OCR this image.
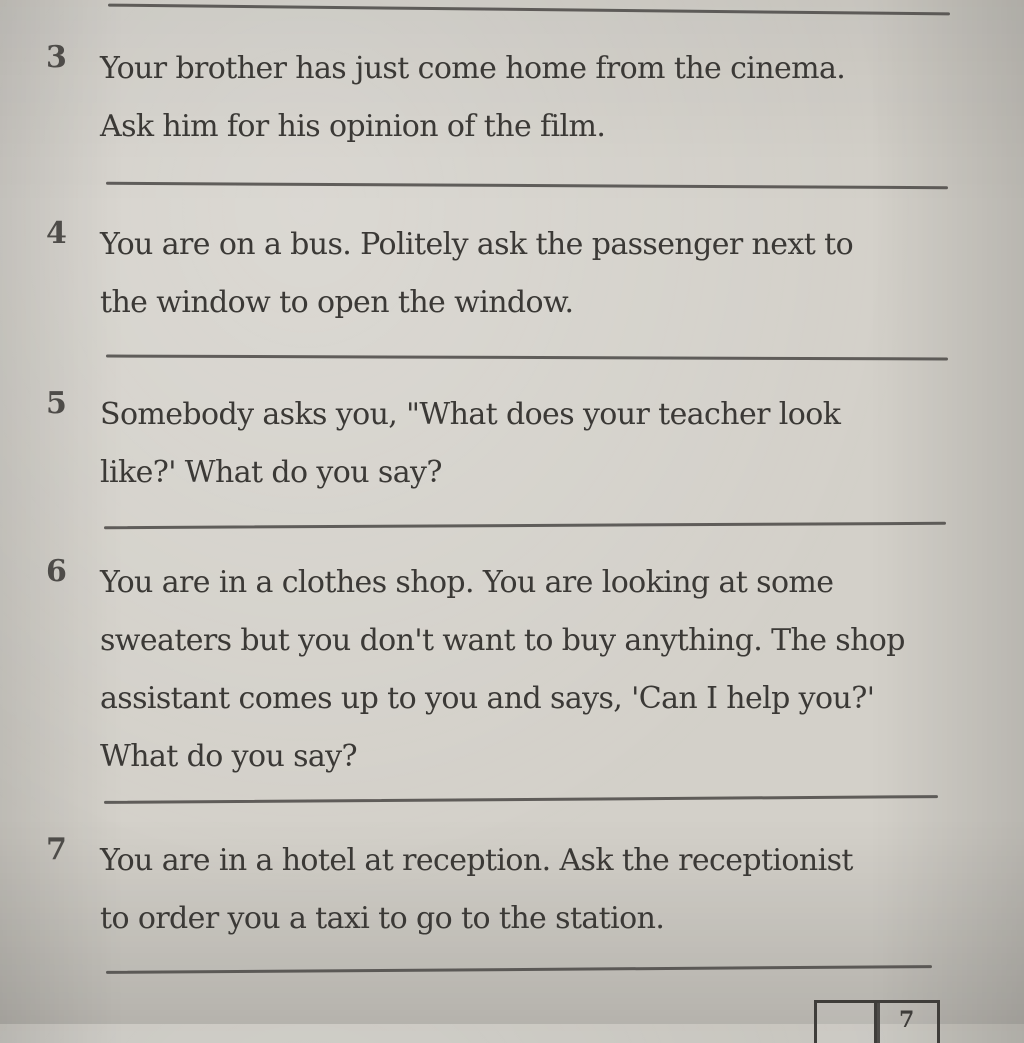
3 Your brother has just come home from the cinema.
Ask him for his opinion of the film.
4 You are on a bus. Politely ask the passenger next to
the window to open the window.
5 Somebody asks you, "What does your teacher look
like?' What do you say?
6 You are in a clothes shop. You are looking at some
sweaters but you don't want to buy anything. The shop
assistant comes up to you and says, 'Can I help you?'
What do you say?
7 You are in a hotel at reception. Ask the receptionist
to order you a taxi to go to the station.
7
